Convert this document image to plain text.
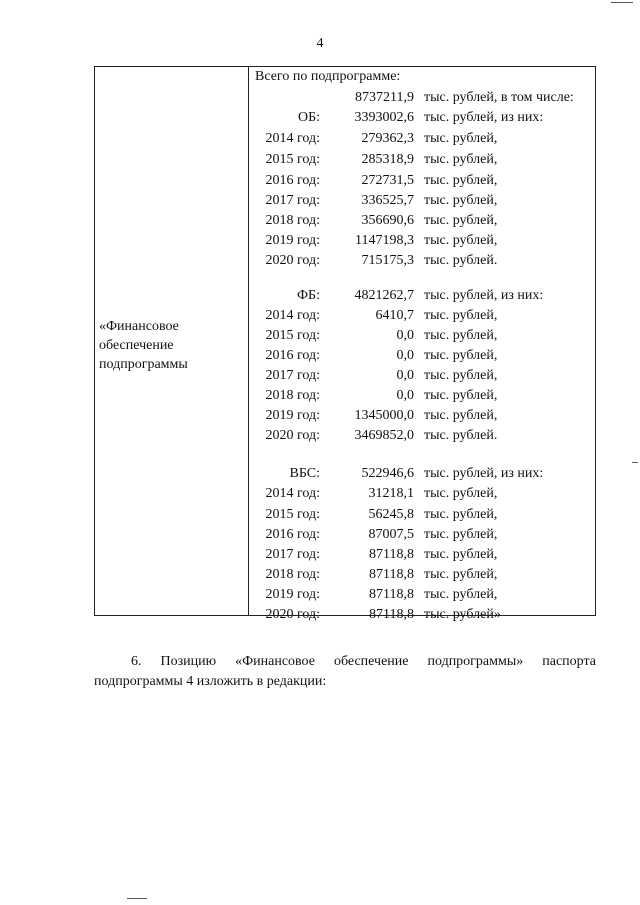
4
«Финансовое обеспечение подпрограммы
Всего по подпрограмме:
8737211,9 тыс. рублей, в том числе:
ОБ: 3393002,6 тыс. рублей, из них:
2014 год:	279362,3 тыс. рублей,
2015 год:	285318,9 тыс. рублей,
2016 год:	272731,5 тыс. рублей,
2017 год:	336525,7 тыс. рублей,
2018 год:	356690,6 тыс. рублей,
2019 год:	1147198,3 тыс. рублей,
2020 год:	715175,3 тыс. рублей.
ФБ: 4821262,7 тыс. рублей, из них:
2014 год:	6410,7 тыс. рублей,
2015 год:	0,0 тыс. рублей,
2016 год:	0,0 тыс. рублей,
2017 год:	0,0 тыс. рублей,
2018 год:	0,0 тыс. рублей,
2019 год: 1345000,0 тыс. рублей,
2020 год: 3469852,0 тыс. рублей.
ВБС:	522946,6 тыс. рублей, из них:
2014 год:	31218,1 тыс. рублей,
2015 год:	56245,8 тыс. рублей,
2016 год:	87007,5 тыс. рублей,
2017 год:	87118,8 тыс. рублей,
2018 год:	87118,8 тыс. рублей,
2019 год:	87118,8 тыс. рублей,
2020 год:	87118,8 тыс. рублей»

6. Позицию «Финансовое обеспечение подпрограммы» паспорта

подпрограммы 4 изложить в редакции:
